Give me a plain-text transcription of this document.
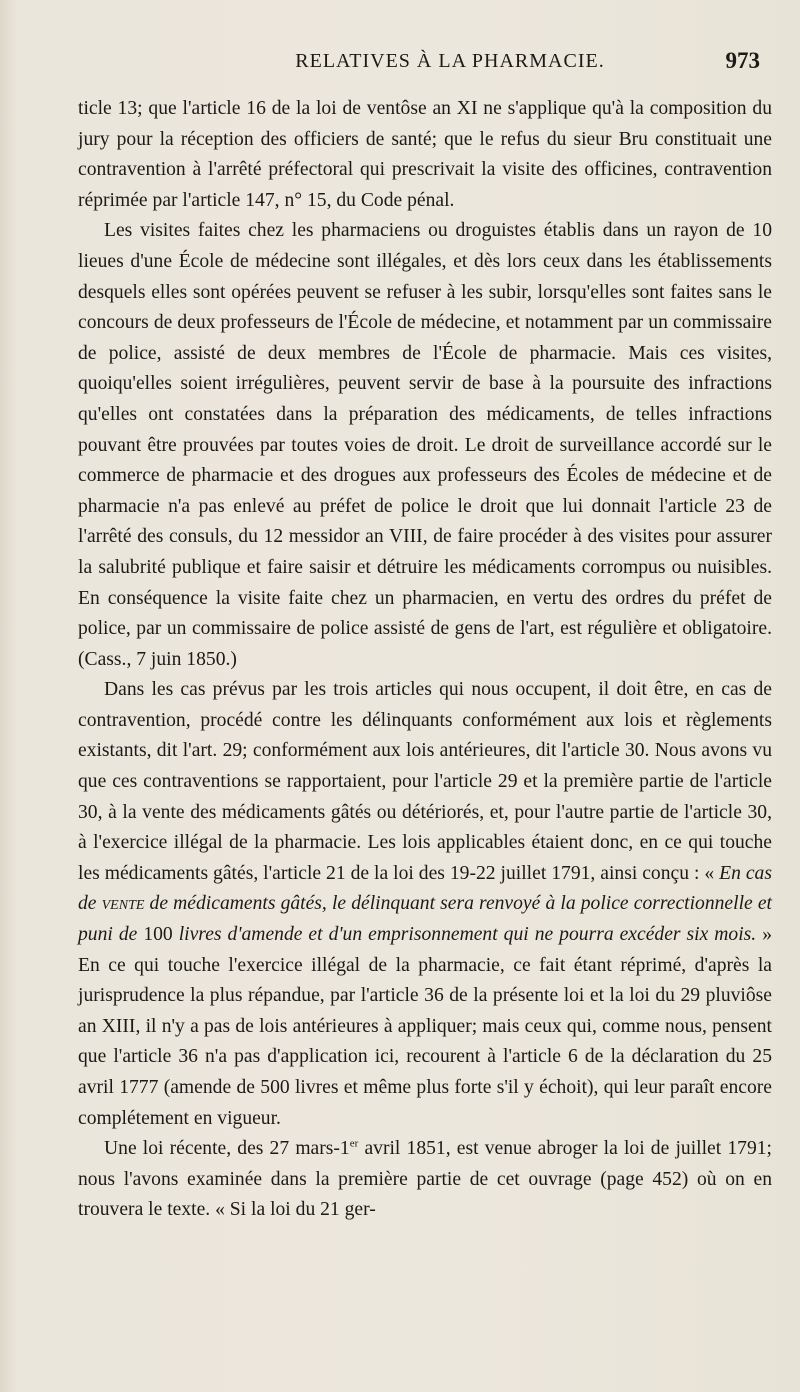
RELATIVES À LA PHARMACIE.	973

ticle 13; que l'article 16 de la loi de ventôse an XI ne s'applique qu'à la composition du jury pour la réception des officiers de santé; que le refus du sieur Bru constituait une contravention à l'arrêté préfectoral qui prescrivait la visite des officines, contravention réprimée par l'article 147, n° 15, du Code pénal.

Les visites faites chez les pharmaciens ou droguistes établis dans un rayon de 10 lieues d'une École de médecine sont illégales, et dès lors ceux dans les établissements desquels elles sont opérées peuvent se refuser à les subir, lorsqu'elles sont faites sans le concours de deux professeurs de l'École de médecine, et notamment par un commissaire de police, assisté de deux membres de l'École de pharmacie. Mais ces visites, quoiqu'elles soient irrégulières, peuvent servir de base à la poursuite des infractions qu'elles ont constatées dans la préparation des médicaments, de telles infractions pouvant être prouvées par toutes voies de droit. Le droit de surveillance accordé sur le commerce de pharmacie et des drogues aux professeurs des Écoles de médecine et de pharmacie n'a pas enlevé au préfet de police le droit que lui donnait l'article 23 de l'arrêté des consuls, du 12 messidor an VIII, de faire procéder à des visites pour assurer la salubrité publique et faire saisir et détruire les médicaments corrompus ou nuisibles. En conséquence la visite faite chez un pharmacien, en vertu des ordres du préfet de police, par un commissaire de police assisté de gens de l'art, est régulière et obligatoire. (Cass., 7 juin 1850.)

Dans les cas prévus par les trois articles qui nous occupent, il doit être, en cas de contravention, procédé contre les délinquants conformément aux lois et règlements existants, dit l'art. 29; conformément aux lois antérieures, dit l'article 30. Nous avons vu que ces contraventions se rapportaient, pour l'article 29 et la première partie de l'article 30, à la vente des médicaments gâtés ou détériorés, et, pour l'autre partie de l'article 30, à l'exercice illégal de la pharmacie. Les lois applicables étaient donc, en ce qui touche les médicaments gâtés, l'article 21 de la loi des 19-22 juillet 1791, ainsi conçu : « En cas de vente de médicaments gâtés, le délinquant sera renvoyé à la police correctionnelle et puni de 100 livres d'amende et d'un emprisonnement qui ne pourra excéder six mois. » En ce qui touche l'exercice illégal de la pharmacie, ce fait étant réprimé, d'après la jurisprudence la plus répandue, par l'article 36 de la présente loi et la loi du 29 pluviôse an XIII, il n'y a pas de lois antérieures à appliquer; mais ceux qui, comme nous, pensent que l'article 36 n'a pas d'application ici, recourent à l'article 6 de la déclaration du 25 avril 1777 (amende de 500 livres et même plus forte s'il y échoit), qui leur paraît encore complétement en vigueur.

Une loi récente, des 27 mars-1er avril 1851, est venue abroger la loi de juillet 1791; nous l'avons examinée dans la première partie de cet ouvrage (page 452) où on en trouvera le texte. « Si la loi du 21 ger-
